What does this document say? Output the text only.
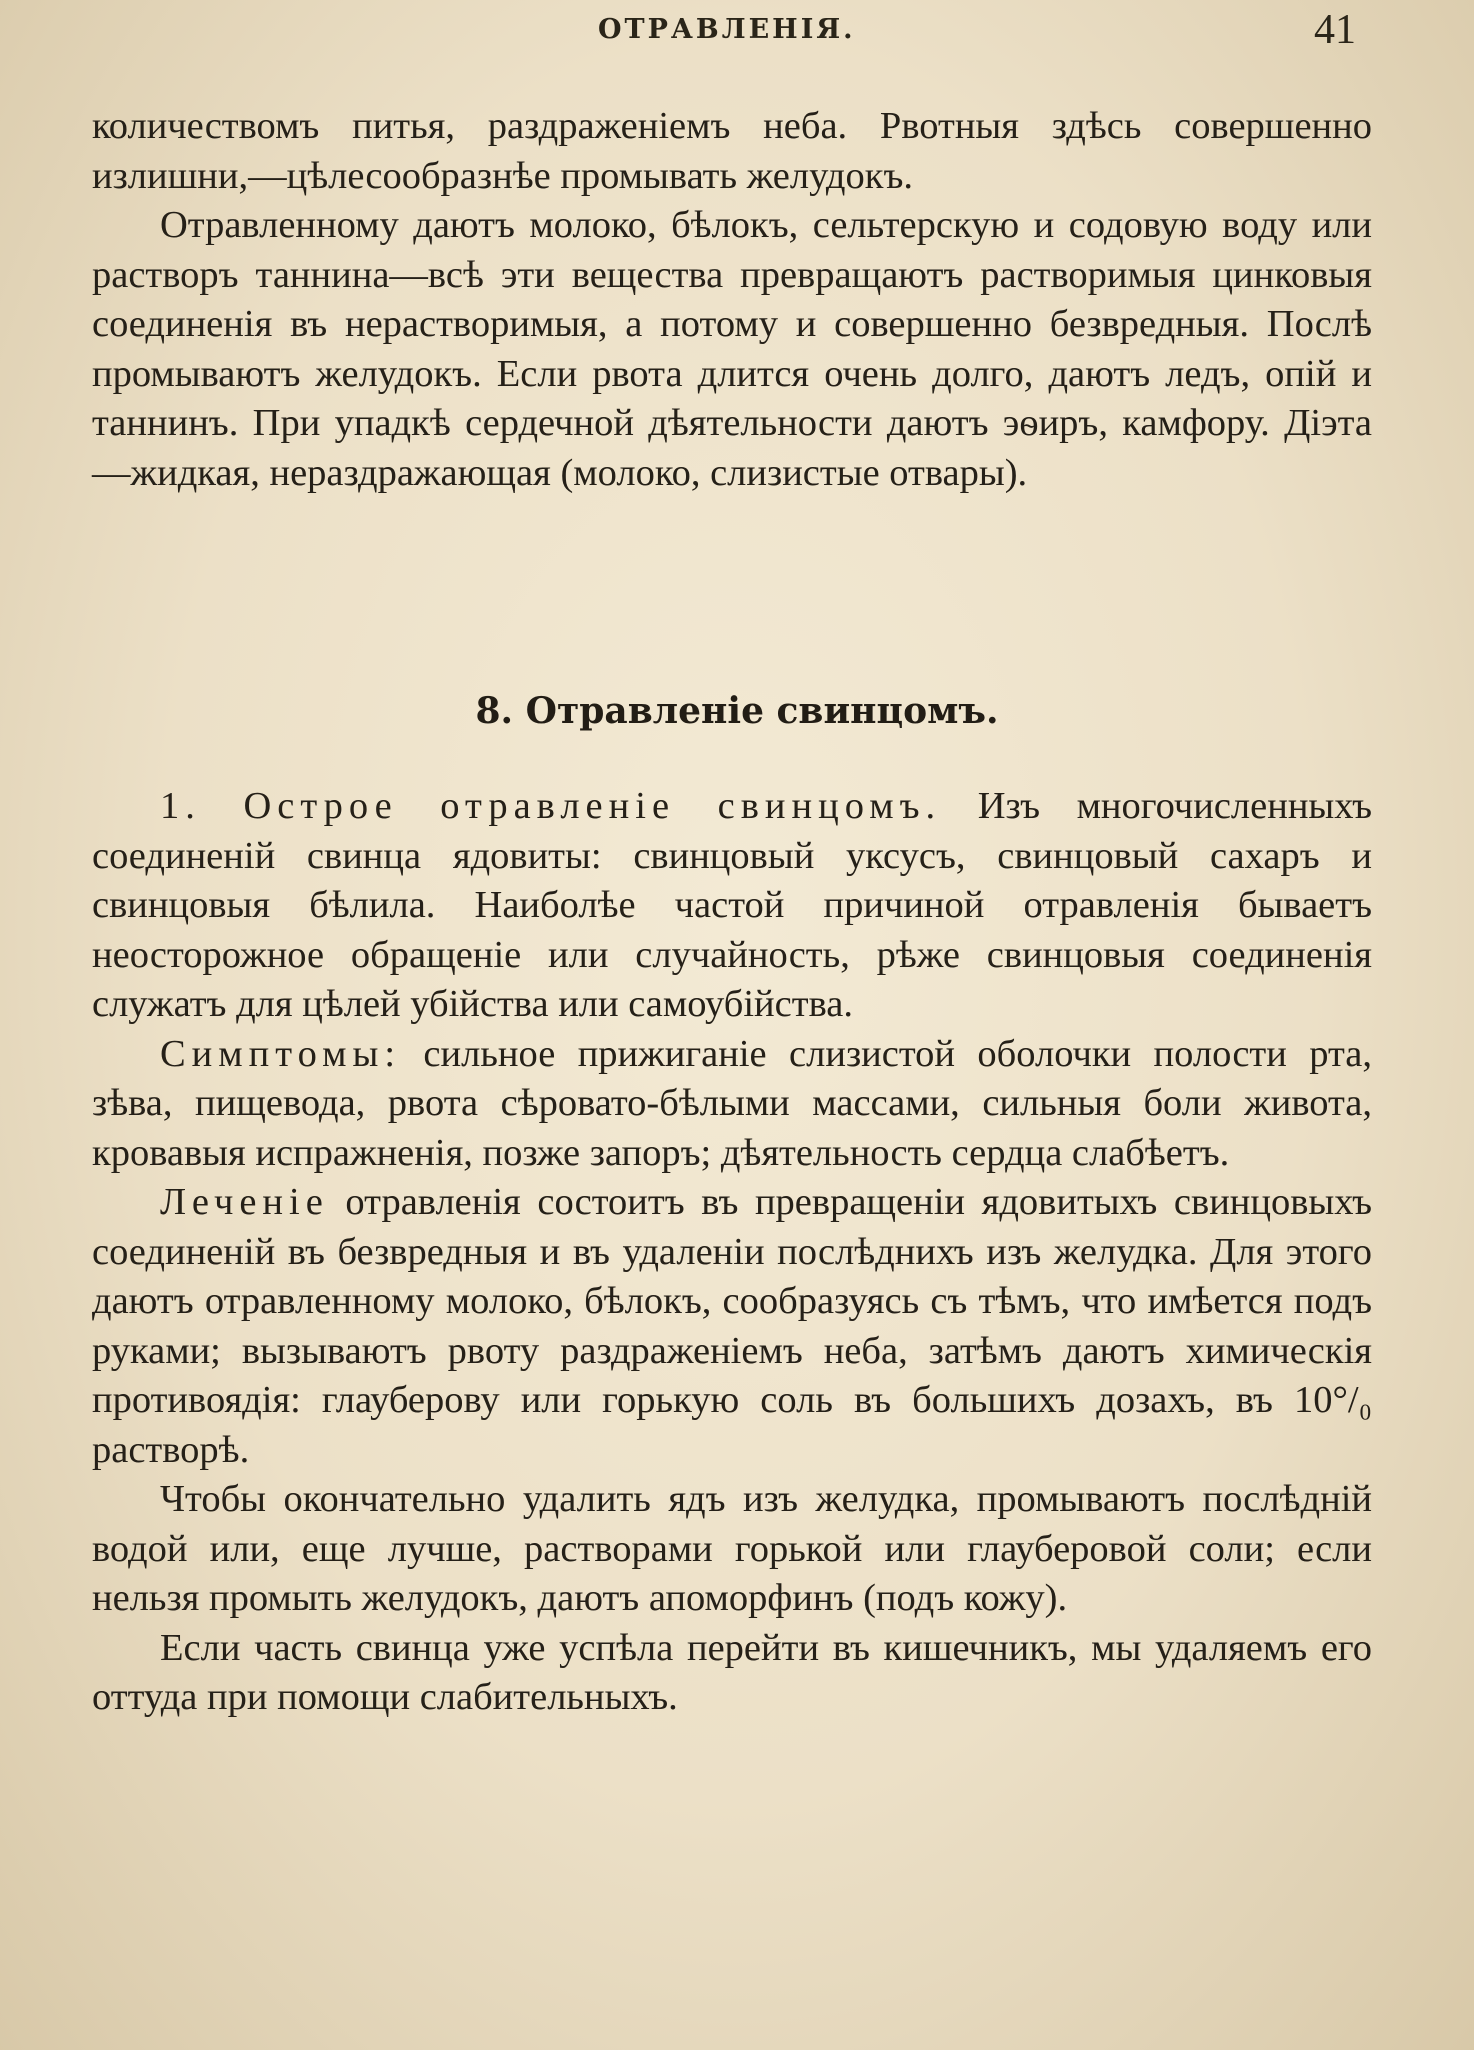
ОТРАВЛЕНІЯ.	41

количествомъ питья, раздраженіемъ неба. Рвотныя здѣсь совершенно излишни,—цѣлесообразнѣе промывать желудокъ.

Отравленному даютъ молоко, бѣлокъ, сельтерскую и содовую воду или растворъ таннина—всѣ эти вещества превращаютъ растворимыя цинковыя соединенія въ нерастворимыя, а потому и совершенно безвредныя. Послѣ промываютъ желудокъ. Если рвота длится очень долго, даютъ ледъ, опій и таннинъ. При упадкѣ сердечной дѣятельности даютъ эѳиръ, камфору. Діэта—жидкая, нераздражающая (молоко, слизистые отвары).

8. Отравленіе свинцомъ.

1. Острое отравленіе свинцомъ. Изъ многочисленныхъ соединеній свинца ядовиты: свинцовый уксусъ, свинцовый сахаръ и свинцовыя бѣлила. Наиболѣе частой причиной отравленія бываетъ неосторожное обращеніе или случайность, рѣже свинцовыя соединенія служатъ для цѣлей убійства или самоубійства.

Симптомы: сильное прижиганіе слизистой оболочки полости рта, зѣва, пищевода, рвота сѣровато-бѣлыми массами, сильныя боли живота, кровавыя испражненія, позже запоръ; дѣятельность сердца слабѣетъ.

Леченіе отравленія состоитъ въ превращеніи ядовитыхъ свинцовыхъ соединеній въ безвредныя и въ удаленіи послѣднихъ изъ желудка. Для этого даютъ отравленному молоко, бѣлокъ, сообразуясь съ тѣмъ, что имѣется подъ руками; вызываютъ рвоту раздраженіемъ неба, затѣмъ даютъ химическія противоядія: глауберову или горькую соль въ большихъ дозахъ, въ 10°/₀ растворѣ.

Чтобы окончательно удалить ядъ изъ желудка, промываютъ послѣдній водой или, еще лучше, растворами горькой или глауберовой соли; если нельзя промыть желудокъ, даютъ апоморфинъ (подъ кожу).

Если часть свинца уже успѣла перейти въ кишечникъ, мы удаляемъ его оттуда при помощи слабительныхъ.
